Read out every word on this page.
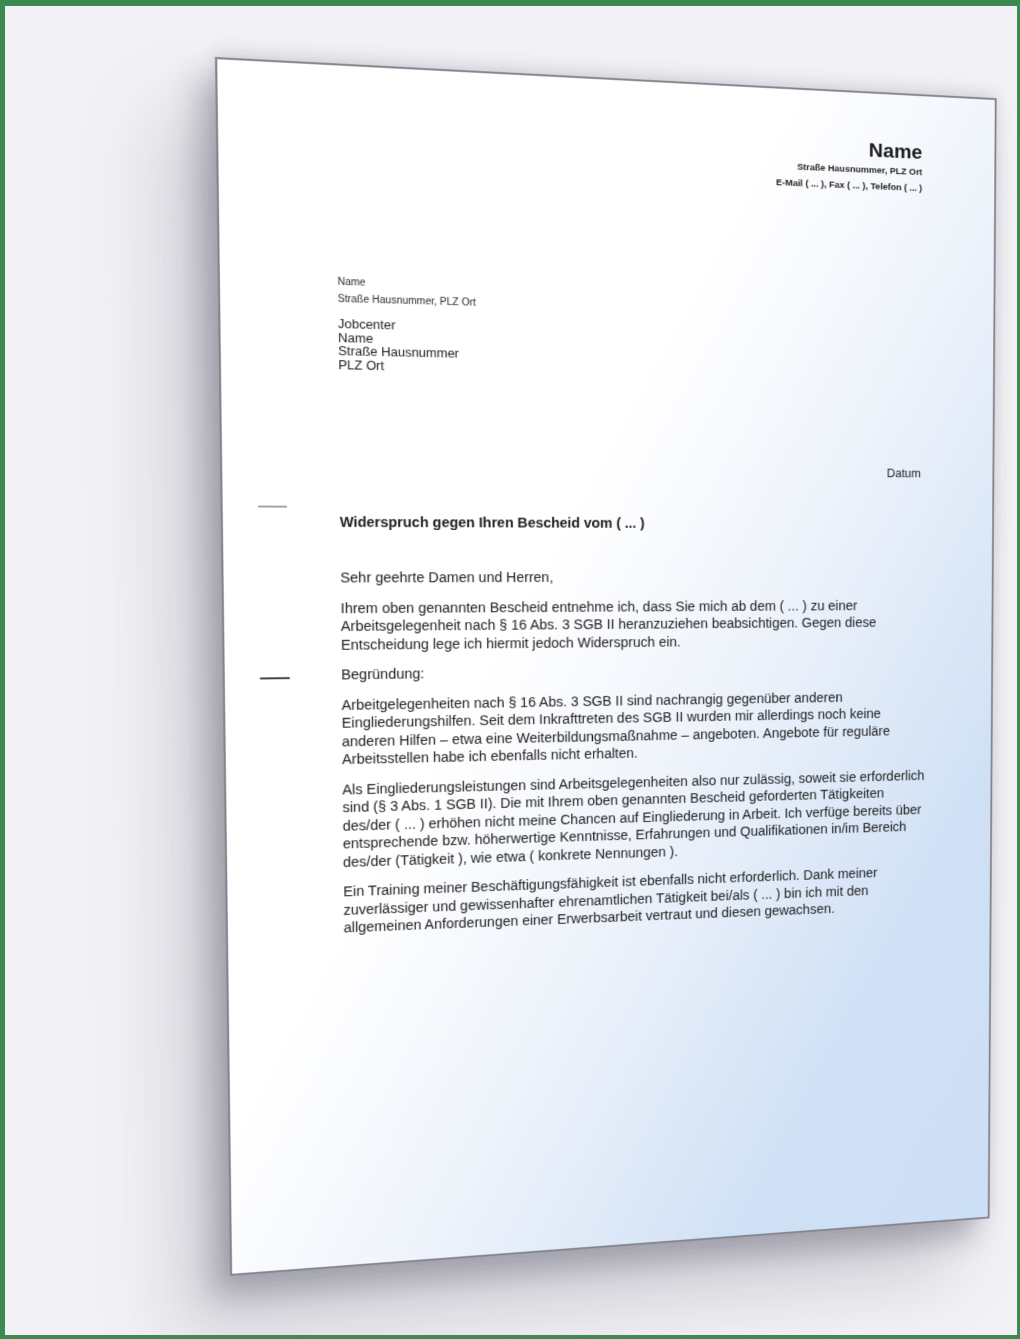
Name
Straße Hausnummer, PLZ Ort
E-Mail ( ... ), Fax ( ... ), Telefon ( ... )
Name
Straße Hausnummer, PLZ Ort
Jobcenter
Name
Straße Hausnummer
PLZ Ort
Datum
Widerspruch gegen Ihren Bescheid vom ( ... )

Sehr geehrte Damen und Herren,

Ihrem oben genannten Bescheid entnehme ich, dass Sie mich ab dem ( ... ) zu einer Arbeitsgelegenheit nach § 16 Abs. 3 SGB II heranzuziehen beabsichtigen. Gegen diese Entscheidung lege ich hiermit jedoch Widerspruch ein.

Begründung:

Arbeitgelegenheiten nach § 16 Abs. 3 SGB II sind nachrangig gegenüber anderen Eingliederungshilfen. Seit dem Inkrafttreten des SGB II wurden mir allerdings noch keine anderen Hilfen – etwa eine Weiterbildungsmaßnahme – angeboten. Angebote für reguläre Arbeitsstellen habe ich ebenfalls nicht erhalten.

Als Eingliederungsleistungen sind Arbeitsgelegenheiten also nur zulässig, soweit sie erforderlich sind (§ 3 Abs. 1 SGB II). Die mit Ihrem oben genannten Bescheid geforderten Tätigkeiten des/der ( ... ) erhöhen nicht meine Chancen auf Eingliederung in Arbeit. Ich verfüge bereits über entsprechende bzw. höherwertige Kenntnisse, Erfahrungen und Qualifikationen in/im Bereich des/der (Tätigkeit ), wie etwa ( konkrete Nennungen ).

Ein Training meiner Beschäftigungsfähigkeit ist ebenfalls nicht erforderlich. Dank meiner zuverlässiger und gewissenhafter ehrenamtlichen Tätigkeit bei/als ( ... ) bin ich mit den allgemeinen Anforderungen einer Erwerbsarbeit vertraut und diesen gewachsen.
